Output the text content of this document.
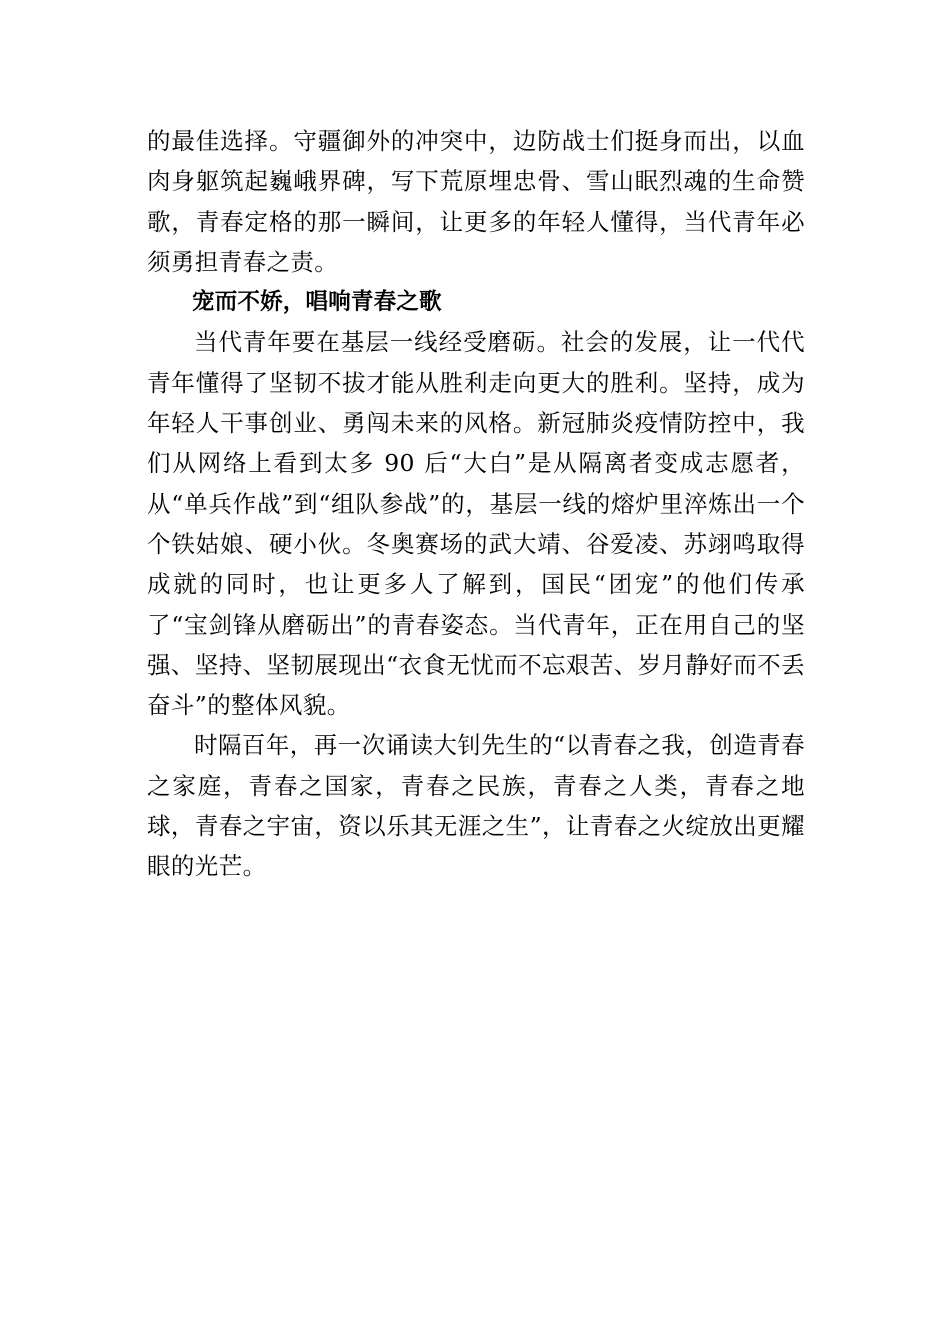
的最佳选择。守疆御外的冲突中，边防战士们挺身而出，以血肉身躯筑起巍峨界碑，写下荒原埋忠骨、雪山眠烈魂的生命赞歌，青春定格的那一瞬间，让更多的年轻人懂得，当代青年必须勇担青春之责。

宠而不娇，唱响青春之歌

当代青年要在基层一线经受磨砺。社会的发展，让一代代青年懂得了坚韧不拔才能从胜利走向更大的胜利。坚持，成为年轻人干事创业、勇闯未来的风格。新冠肺炎疫情防控中，我们从网络上看到太多 90 后“大白”是从隔离者变成志愿者，从“单兵作战”到“组队参战”的，基层一线的熔炉里淬炼出一个个铁姑娘、硬小伙。冬奥赛场的武大靖、谷爱凌、苏翊鸣取得成就的同时，也让更多人了解到，国民“团宠”的他们传承了“宝剑锋从磨砺出”的青春姿态。当代青年，正在用自己的坚强、坚持、坚韧展现出“衣食无忧而不忘艰苦、岁月静好而不丢奋斗”的整体风貌。

时隔百年，再一次诵读大钊先生的“以青春之我，创造青春之家庭，青春之国家，青春之民族，青春之人类，青春之地球，青春之宇宙，资以乐其无涯之生”，让青春之火绽放出更耀眼的光芒。
